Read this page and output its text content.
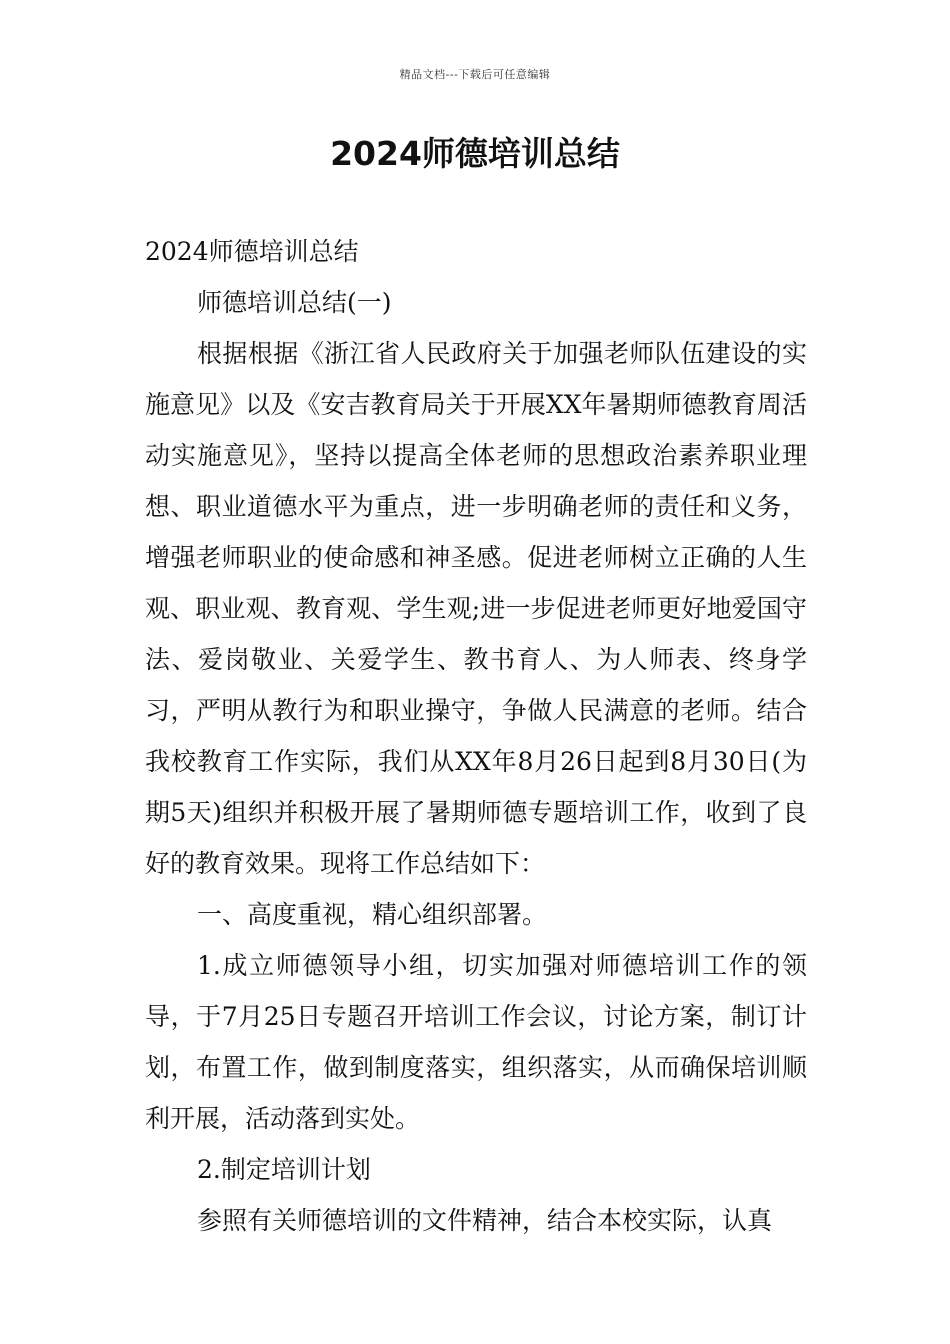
精品文档---下载后可任意编辑
2024师德培训总结

2024师德培训总结

师德培训总结(一)

根据根据《浙江省人民政府关于加强老师队伍建设的实施意见》以及《安吉教育局关于开展XX年暑期师德教育周活动实施意见》，坚持以提高全体老师的思想政治素养职业理想、职业道德水平为重点，进一步明确老师的责任和义务，增强老师职业的使命感和神圣感。促进老师树立正确的人生观、职业观、教育观、学生观;进一步促进老师更好地爱国守法、爱岗敬业、关爱学生、教书育人、为人师表、终身学习，严明从教行为和职业操守，争做人民满意的老师。结合我校教育工作实际，我们从XX年8月26日起到8月30日(为期5天)组织并积极开展了暑期师德专题培训工作，收到了良好的教育效果。现将工作总结如下：

一、高度重视，精心组织部署。

1.成立师德领导小组，切实加强对师德培训工作的领导，于7月25日专题召开培训工作会议，讨论方案，制订计划，布置工作，做到制度落实，组织落实，从而确保培训顺利开展，活动落到实处。

2.制定培训计划

参照有关师德培训的文件精神，结合本校实际，认真
